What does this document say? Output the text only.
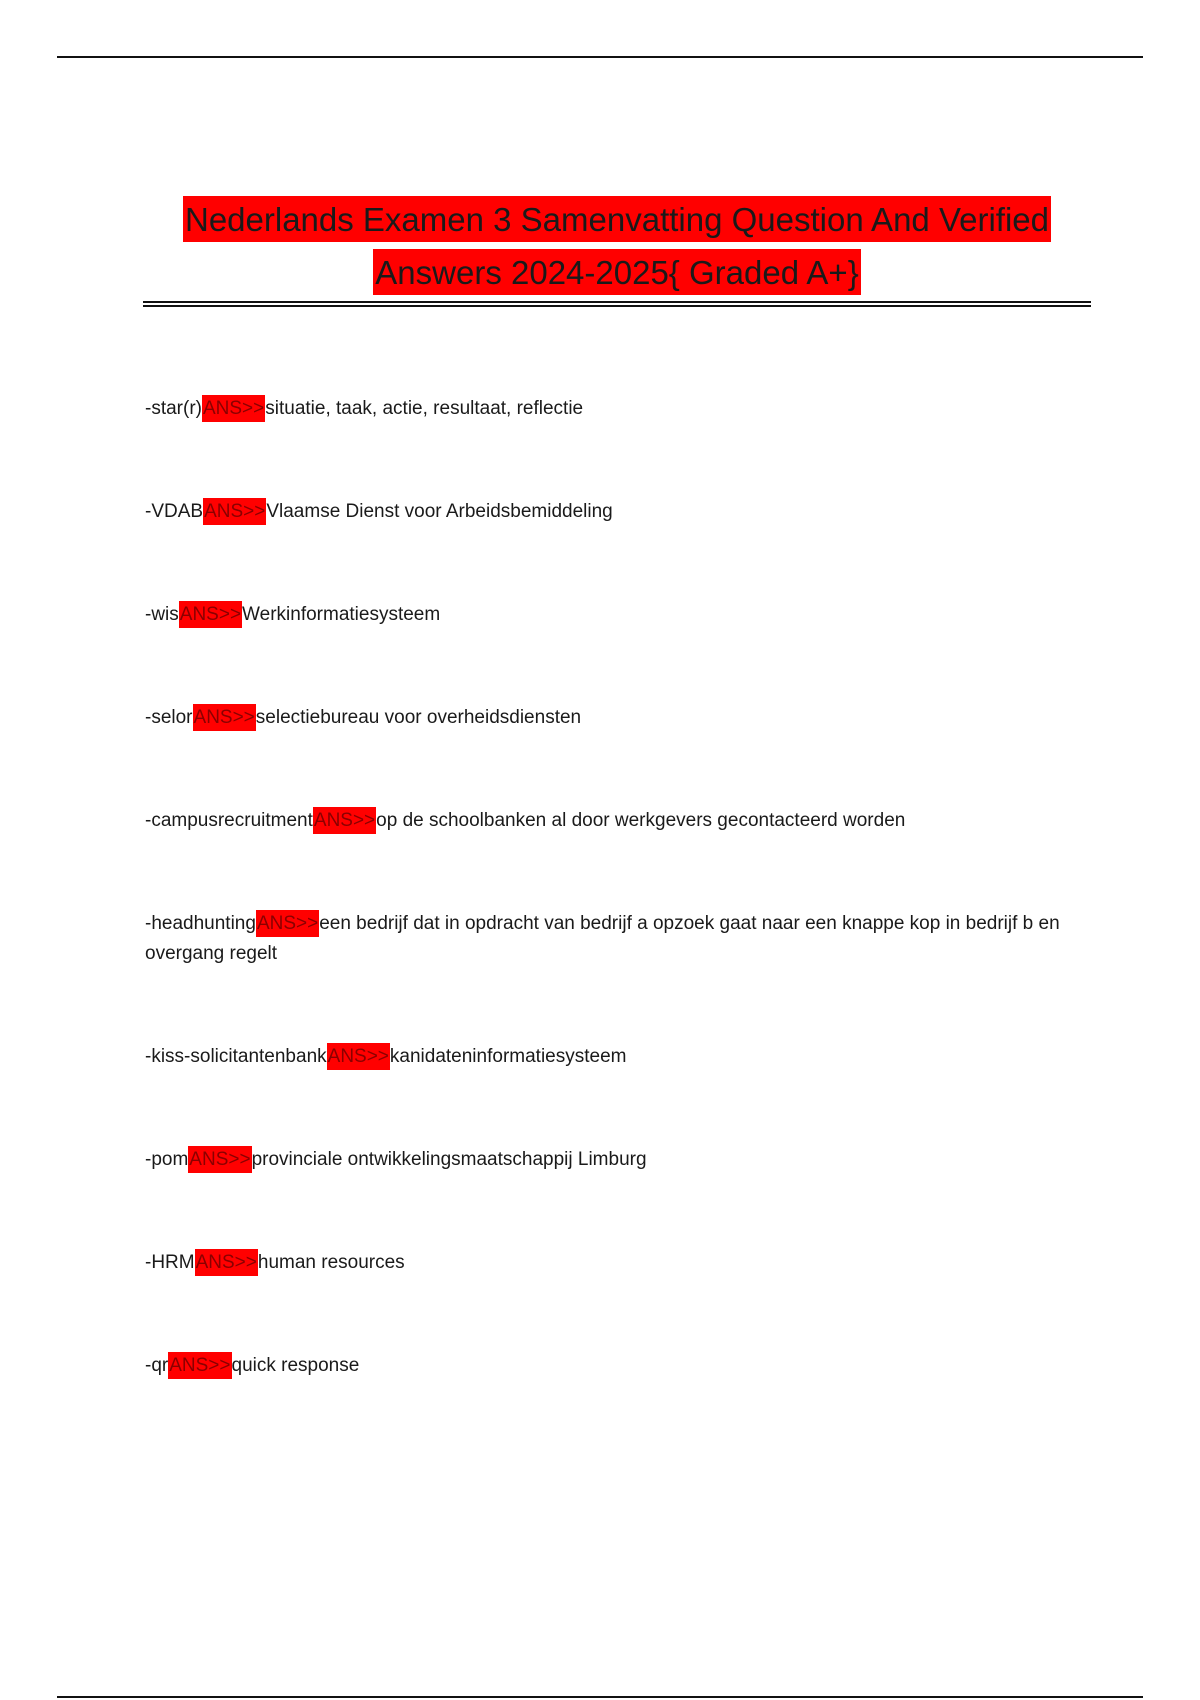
Nederlands Examen 3 Samenvatting Question And Verified
Answers 2024-2025{ Graded A+}
-star(r)ANS>>situatie, taak, actie, resultaat, reflectie
-VDABANS>>Vlaamse Dienst voor Arbeidsbemiddeling
-wisANS>>Werkinformatiesysteem
-selorANS>>selectiebureau voor overheidsdiensten
-campusrecruitmentANS>>op de schoolbanken al door werkgevers gecontacteerd worden
-headhuntingANS>>een bedrijf dat in opdracht van bedrijf a opzoek gaat naar een knappe kop in bedrijf b en overgang regelt
-kiss-solicitantenbankANS>>kanidateninformatiesysteem
-pomANS>>provinciale ontwikkelingsmaatschappij Limburg
-HRMANS>>human resources
-qrANS>>quick response
